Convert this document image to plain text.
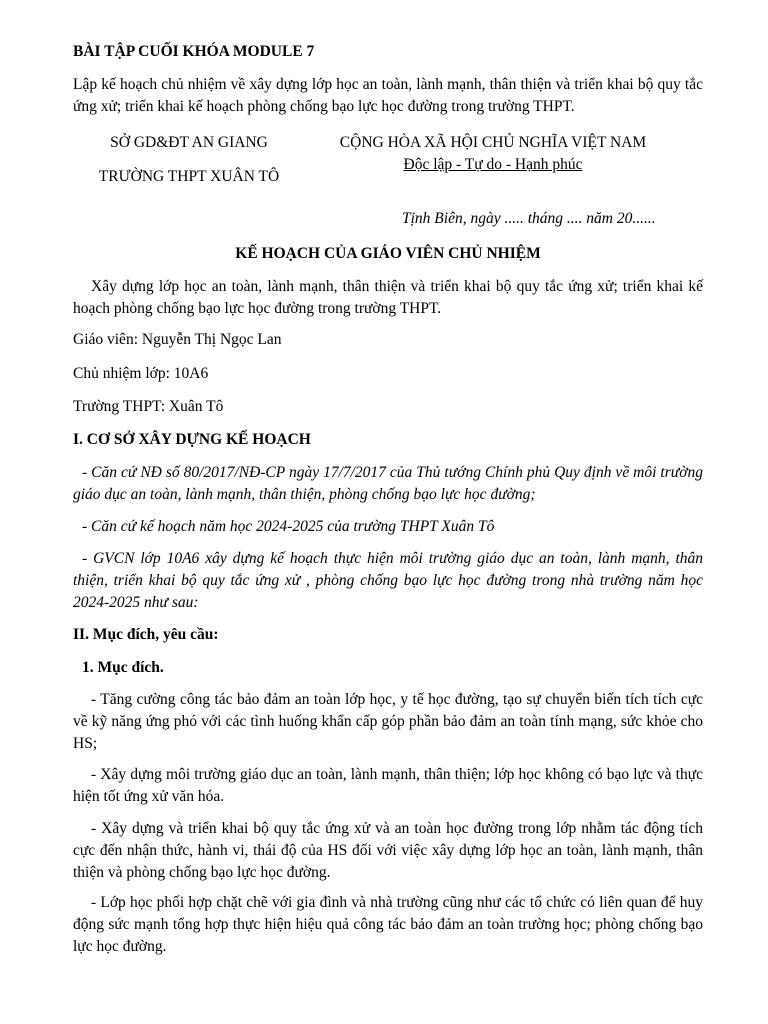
BÀI TẬP CUỐI KHÓA MODULE 7

Lập kế hoạch chủ nhiệm về xây dựng lớp học an toàn, lành mạnh, thân thiện và triển khai bộ quy tắc ứng xử; triển khai kế hoạch phòng chống bạo lực học đường trong trường THPT.

SỞ GD&ĐT AN GIANG

TRƯỜNG THPT XUÂN TÔ

CỘNG HÒA XÃ HỘI CHỦ NGHĨA VIỆT NAM

Độc lập - Tự do - Hạnh phúc

Tịnh Biên, ngày ..... tháng .... năm 20......

KẾ HOẠCH CỦA GIÁO VIÊN CHỦ NHIỆM

Xây dựng lớp học an toàn, lành mạnh, thân thiện và triển khai bộ quy tắc ứng xử; triển khai kế hoạch phòng chống bạo lực học đường trong trường THPT.

Giáo viên: Nguyễn Thị Ngọc Lan

Chủ nhiệm lớp: 10A6

Trường THPT: Xuân Tô

I. CƠ SỞ XÂY DỰNG KẾ HOẠCH

- Căn cứ NĐ số 80/2017/NĐ-CP ngày 17/7/2017 của Thủ tướng Chính phủ Quy định về môi trường giáo dục an toàn, lành mạnh, thân thiện, phòng chống bạo lực học đường;

- Căn cứ kế hoạch năm học 2024-2025 của trường THPT Xuân Tô

- GVCN lớp 10A6 xây dựng kế hoạch thực hiện môi trường giáo dục an toàn, lành mạnh, thân thiện, triển khai bộ quy tắc ứng xử , phòng chống bạo lực học đường trong nhà trường năm học 2024-2025 như sau:

II. Mục đích, yêu cầu:

1. Mục đích.

- Tăng cường công tác bảo đảm an toàn lớp học, y tế học đường, tạo sự chuyển biến tích tích cực về kỹ năng ứng phó với các tình huống khẩn cấp góp phần bảo đảm an toàn tính mạng, sức khỏe cho HS;

- Xây dựng môi trường giáo dục an toàn, lành mạnh, thân thiện; lớp học không có bạo lực và thực hiện tốt ứng xử văn hóa.

- Xây dựng và triển khai bộ quy tắc ứng xử và an toàn học đường trong lớp nhằm tác động tích cực đến nhận thức, hành vi, thái độ của HS đối với việc xây dựng lớp học an toàn, lành mạnh, thân thiện và phòng chống bạo lực học đường.

- Lớp học phối hợp chặt chẽ với gia đình và nhà trường cũng như các tổ chức có liên quan để huy động sức mạnh tổng hợp thực hiện hiệu quả công tác bảo đảm an toàn trường học; phòng chống bạo lực học đường.
